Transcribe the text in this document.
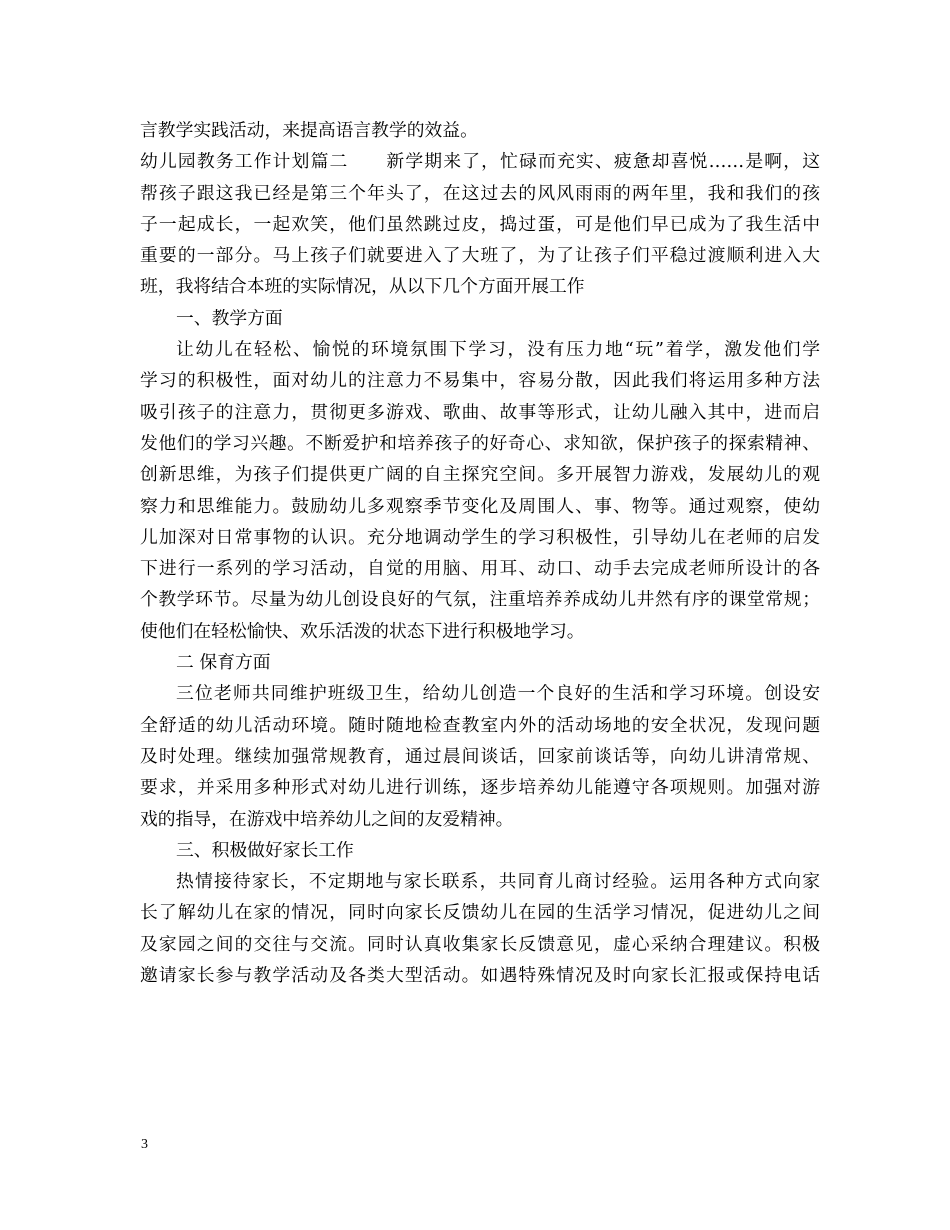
言教学实践活动，来提高语言教学的效益。
幼儿园教务工作计划篇二　　新学期来了，忙碌而充实、疲惫却喜悦……是啊，这
帮孩子跟这我已经是第三个年头了，在这过去的风风雨雨的两年里，我和我们的孩
子一起成长，一起欢笑，他们虽然跳过皮，捣过蛋，可是他们早已成为了我生活中
重要的一部分。马上孩子们就要进入了大班了，为了让孩子们平稳过渡顺利进入大
班，我将结合本班的实际情况，从以下几个方面开展工作
一、教学方面
让幼儿在轻松、愉悦的环境氛围下学习，没有压力地“玩”着学，激发他们学
学习的积极性，面对幼儿的注意力不易集中，容易分散，因此我们将运用多种方法
吸引孩子的注意力，贯彻更多游戏、歌曲、故事等形式，让幼儿融入其中，进而启
发他们的学习兴趣。不断爱护和培养孩子的好奇心、求知欲，保护孩子的探索精神、
创新思维，为孩子们提供更广阔的自主探究空间。多开展智力游戏，发展幼儿的观
察力和思维能力。鼓励幼儿多观察季节变化及周围人、事、物等。通过观察，使幼
儿加深对日常事物的认识。充分地调动学生的学习积极性，引导幼儿在老师的启发
下进行一系列的学习活动，自觉的用脑、用耳、动口、动手去完成老师所设计的各
个教学环节。尽量为幼儿创设良好的气氛，注重培养养成幼儿井然有序的课堂常规；
使他们在轻松愉快、欢乐活泼的状态下进行积极地学习。
二 保育方面
三位老师共同维护班级卫生，给幼儿创造一个良好的生活和学习环境。创设安
全舒适的幼儿活动环境。随时随地检查教室内外的活动场地的安全状况，发现问题
及时处理。继续加强常规教育，通过晨间谈话，回家前谈话等，向幼儿讲清常规、
要求，并采用多种形式对幼儿进行训练，逐步培养幼儿能遵守各项规则。加强对游
戏的指导，在游戏中培养幼儿之间的友爱精神。
三、积极做好家长工作
热情接待家长，不定期地与家长联系，共同育儿商讨经验。运用各种方式向家
长了解幼儿在家的情况，同时向家长反馈幼儿在园的生活学习情况，促进幼儿之间
及家园之间的交往与交流。同时认真收集家长反馈意见，虚心采纳合理建议。积极
邀请家长参与教学活动及各类大型活动。如遇特殊情况及时向家长汇报或保持电话
3
